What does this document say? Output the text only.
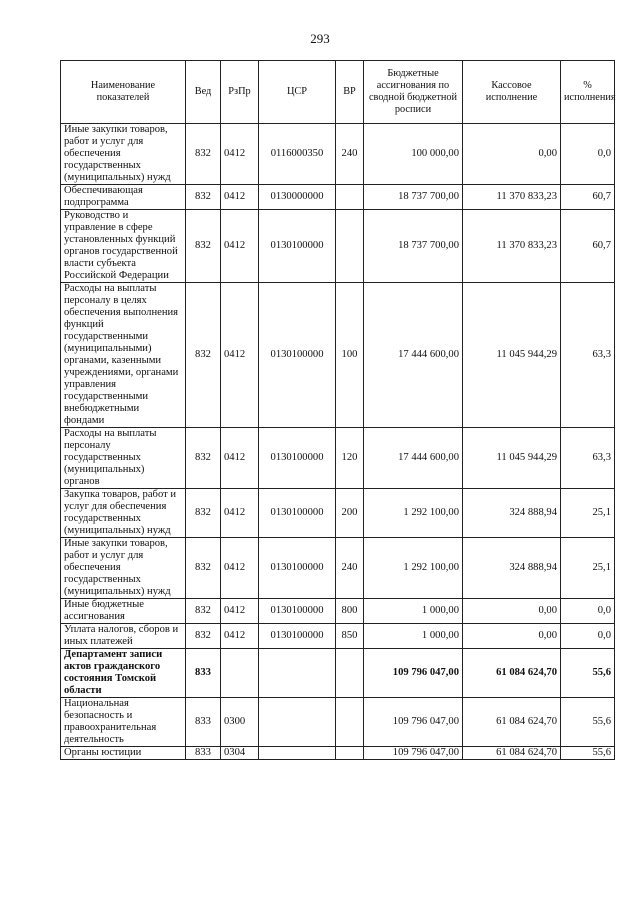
293
Наименование показателей	Вед	РзПр	ЦСР	ВР	Бюджетные ассигнования по сводной бюджетной росписи	Кассовое исполнение	% исполнения
Иные закупки товаров, работ и услуг для обеспечения государственных (муниципальных) нужд	832	0412	0116000350	240	100 000,00	0,00	0,0
Обеспечивающая подпрограмма	832	0412	0130000000		18 737 700,00	11 370 833,23	60,7
Руководство и управление в сфере установленных функций органов государственной власти субъекта Российской Федерации	832	0412	0130100000		18 737 700,00	11 370 833,23	60,7
Расходы на выплаты персоналу в целях обеспечения выполнения функций государственными (муниципальными) органами, казенными учреждениями, органами управления государственными внебюджетными фондами	832	0412	0130100000	100	17 444 600,00	11 045 944,29	63,3
Расходы на выплаты персоналу государственных (муниципальных) органов	832	0412	0130100000	120	17 444 600,00	11 045 944,29	63,3
Закупка товаров, работ и услуг для обеспечения государственных (муниципальных) нужд	832	0412	0130100000	200	1 292 100,00	324 888,94	25,1
Иные закупки товаров, работ и услуг для обеспечения государственных (муниципальных) нужд	832	0412	0130100000	240	1 292 100,00	324 888,94	25,1
Иные бюджетные ассигнования	832	0412	0130100000	800	1 000,00	0,00	0,0
Уплата налогов, сборов и иных платежей	832	0412	0130100000	850	1 000,00	0,00	0,0
Департамент записи актов гражданского состояния Томской области	833				109 796 047,00	61 084 624,70	55,6
Национальная безопасность и правоохранительная деятельность	833	0300			109 796 047,00	61 084 624,70	55,6
Органы юстиции	833	0304			109 796 047,00	61 084 624,70	55,6
